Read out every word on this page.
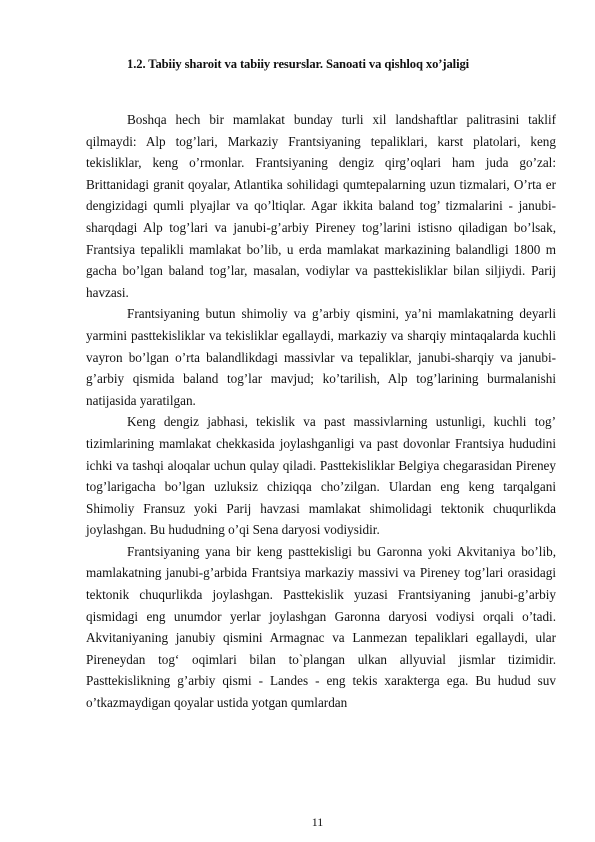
1.2. Tabiiy sharoit va tabiiy resurslar. Sanoati va qishloq xo’jaligi

Boshqa hech bir mamlakat bunday turli xil landshaftlar palitrasini taklif qilmaydi: Alp tog’lari, Markaziy Frantsiyaning tepaliklari, karst platolari, keng tekisliklar, keng o’rmonlar. Frantsiyaning dengiz qirg’oqlari ham juda go’zal: Brittanidagi granit qoyalar, Atlantika sohilidagi qumtepalarning uzun tizmalari, O’rta er dengizidagi qumli plyajlar va qo’ltiqlar. Agar ikkita baland tog’ tizmalarini - janubi-sharqdagi Alp tog’lari va janubi-g’arbiy Pireney tog’larini istisno qiladigan bo’lsak, Frantsiya tepalikli mamlakat bo’lib, u erda mamlakat markazining balandligi 1800 m gacha bo’lgan baland tog’lar, masalan, vodiylar va pasttekisliklar bilan siljiydi. Parij havzasi.

Frantsiyaning butun shimoliy va g’arbiy qismini, ya’ni mamlakatning deyarli yarmini pasttekisliklar va tekisliklar egallaydi, markaziy va sharqiy mintaqalarda kuchli vayron bo’lgan o’rta balandlikdagi massivlar va tepaliklar, janubi-sharqiy va janubi-g’arbiy qismida baland tog’lar mavjud; ko’tarilish, Alp tog’larining burmalanishi natijasida yaratilgan.

Keng dengiz jabhasi, tekislik va past massivlarning ustunligi, kuchli tog’ tizimlarining mamlakat chekkasida joylashganligi va past dovonlar Frantsiya hududini ichki va tashqi aloqalar uchun qulay qiladi. Pasttekisliklar Belgiya chegarasidan Pireney tog’larigacha bo’lgan uzluksiz chiziqqa cho’zilgan. Ulardan eng keng tarqalgani Shimoliy Fransuz yoki Parij havzasi mamlakat shimolidagi tektonik chuqurlikda joylashgan. Bu hududning o’qi Sena daryosi vodiysidir.

Frantsiyaning yana bir keng pasttekisligi bu Garonna yoki Akvitaniya bo’lib, mamlakatning janubi-g’arbida Frantsiya markaziy massivi va Pireney tog’lari orasidagi tektonik chuqurlikda joylashgan. Pasttekislik yuzasi Frantsiyaning janubi-g’arbiy qismidagi eng unumdor yerlar joylashgan Garonna daryosi vodiysi orqali o’tadi. Akvitaniyaning janubiy qismini Armagnac va Lanmezan tepaliklari egallaydi, ular Pireneydan tog‘ oqimlari bilan to`plangan ulkan allyuvial jismlar tizimidir. Pasttekislikning g’arbiy qismi - Landes - eng tekis xarakterga ega. Bu hudud suv o’tkazmaydigan qoyalar ustida yotgan qumlardan

11
